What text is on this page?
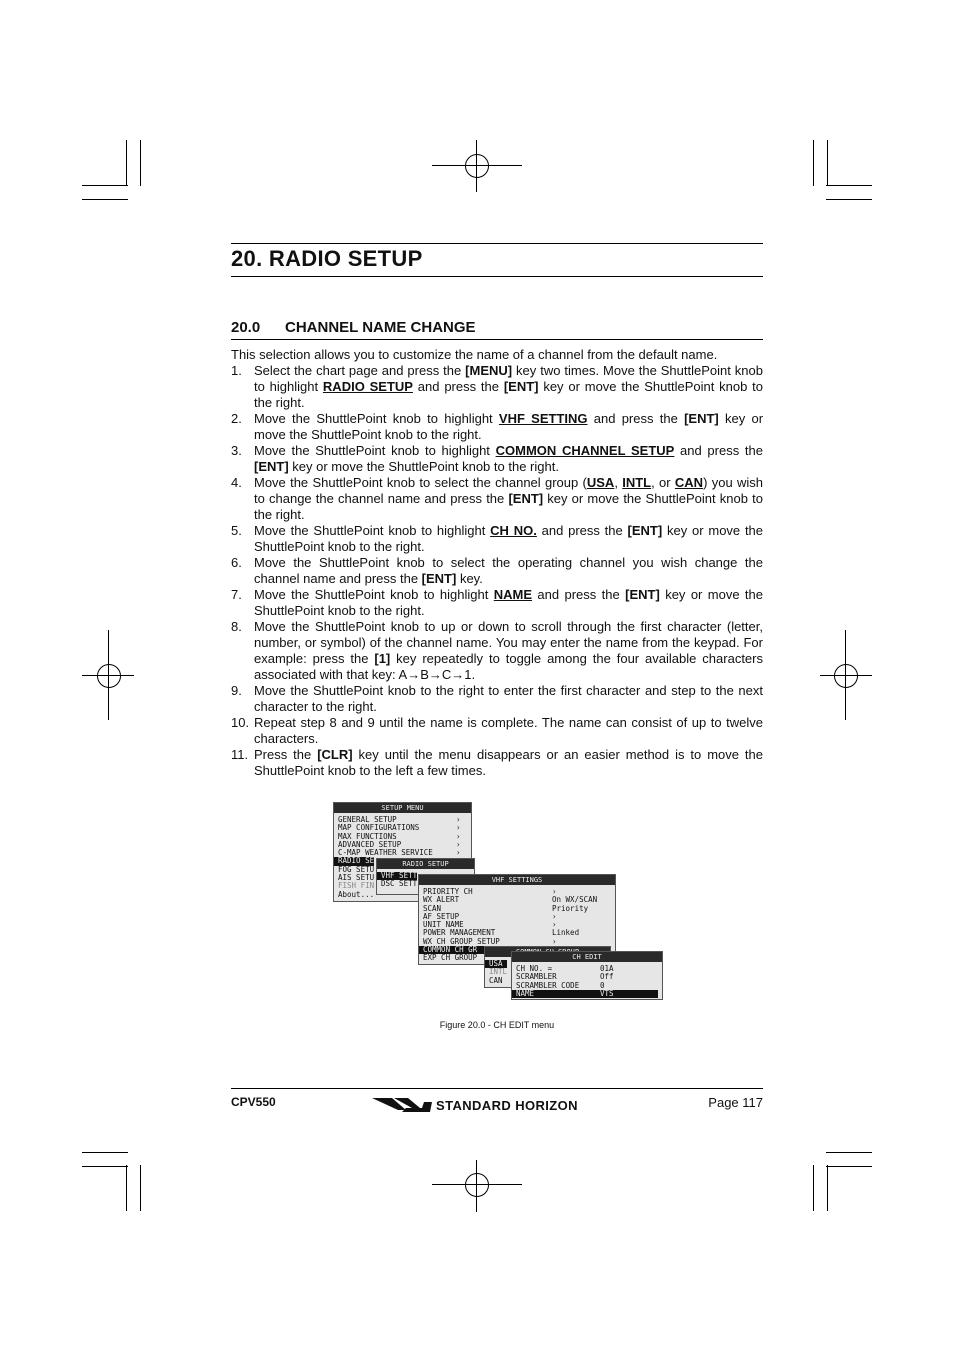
20. RADIO SETUP
20.0 CHANNEL NAME CHANGE

This selection allows you to customize the name of a channel from the default name.

1. Select the chart page and press the [MENU] key two times. Move the ShuttlePoint knob to highlight RADIO SETUP and press the [ENT] key or move the ShuttlePoint knob to the right.
2. Move the ShuttlePoint knob to highlight VHF SETTING and press the [ENT] key or move the ShuttlePoint knob to the right.
3. Move the ShuttlePoint knob to highlight COMMON CHANNEL SETUP and press the [ENT] key or move the ShuttlePoint knob to the right.
4. Move the ShuttlePoint knob to select the channel group (USA, INTL, or CAN) you wish to change the channel name and press the [ENT] key or move the ShuttlePoint knob to the right.
5. Move the ShuttlePoint knob to highlight CH NO. and press the [ENT] key or move the ShuttlePoint knob to the right.
6. Move the ShuttlePoint knob to select the operating channel you wish change the channel name and press the [ENT] key.
7. Move the ShuttlePoint knob to highlight NAME and press the [ENT] key or move the ShuttlePoint knob to the right.
8. Move the ShuttlePoint knob to up or down to scroll through the first character (letter, number, or symbol) of the channel name. You may enter the name from the keypad. For example: press the [1] key repeatedly to toggle among the four available characters associated with that key: A→B→C→1.
9. Move the ShuttlePoint knob to the right to enter the first character and step to the next character to the right.
10. Repeat step 8 and 9 until the name is complete. The name can consist of up to twelve characters.
11. Press the [CLR] key until the menu disappears or an easier method is to move the ShuttlePoint knob to the left a few times.
SETUP MENU
GENERAL SETUP	›
MAP CONFIGURATIONS	›
MAX FUNCTIONS	›
ADVANCED SETUP	›
C-MAP WEATHER SERVICE	›
RADIO SE
FOG SETU
AIS SETU
FISH FIN
About...
RADIO SETUP
VHF SETT
DSC SETT	VHF SETTINGS
PRIORITY CH	›
WX ALERT	On WX/SCAN
SCAN	Priority
AF SETUP	›
UNIT NAME	›
POWER MANAGEMENT	Linked
WX CH GROUP SETUP	›
COMMON CH GR
EXP CH GROUP
USA
INTL
CAN
CH EDIT
CH NO. =	01A
SCRAMBLER	Off
SCRAMBLER CODE	0
NAME	VTS
Figure 20.0 - CH EDIT menu
CPV550	STANDARD HORIZON	Page 117
